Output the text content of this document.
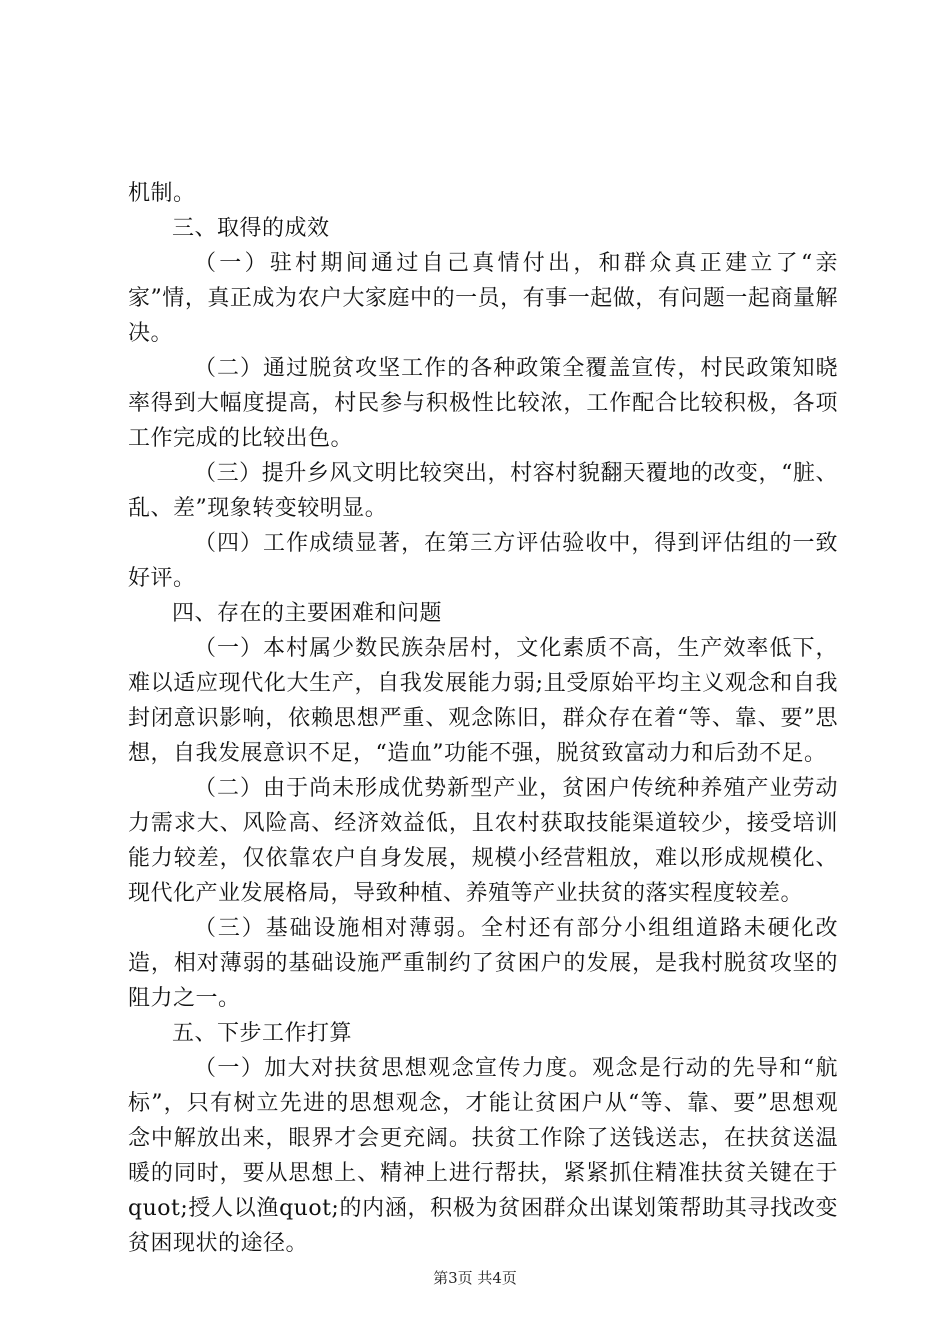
机制。

三、取得的成效

（一）驻村期间通过自己真情付出，和群众真正建立了“亲家”情，真正成为农户大家庭中的一员，有事一起做，有问题一起商量解决。

（二）通过脱贫攻坚工作的各种政策全覆盖宣传，村民政策知晓率得到大幅度提高，村民参与积极性比较浓，工作配合比较积极，各项工作完成的比较出色。

（三）提升乡风文明比较突出，村容村貌翻天覆地的改变，“脏、乱、差”现象转变较明显。

（四）工作成绩显著，在第三方评估验收中，得到评估组的一致好评。

四、存在的主要困难和问题

（一）本村属少数民族杂居村，文化素质不高，生产效率低下，难以适应现代化大生产，自我发展能力弱;且受原始平均主义观念和自我封闭意识影响，依赖思想严重、观念陈旧，群众存在着“等、靠、要”思想，自我发展意识不足，“造血”功能不强，脱贫致富动力和后劲不足。

（二）由于尚未形成优势新型产业，贫困户传统种养殖产业劳动力需求大、风险高、经济效益低，且农村获取技能渠道较少，接受培训能力较差，仅依靠农户自身发展，规模小经营粗放，难以形成规模化、现代化产业发展格局，导致种植、养殖等产业扶贫的落实程度较差。

（三）基础设施相对薄弱。全村还有部分小组组道路未硬化改造，相对薄弱的基础设施严重制约了贫困户的发展，是我村脱贫攻坚的阻力之一。

五、下步工作打算

（一）加大对扶贫思想观念宣传力度。观念是行动的先导和“航标”，只有树立先进的思想观念，才能让贫困户从“等、靠、要”思想观念中解放出来，眼界才会更充阔。扶贫工作除了送钱送志，在扶贫送温暖的同时，要从思想上、精神上进行帮扶，紧紧抓住精准扶贫关键在于quot;授人以渔quot;的内涵，积极为贫困群众出谋划策帮助其寻找改变贫困现状的途径。

第3页 共4页
